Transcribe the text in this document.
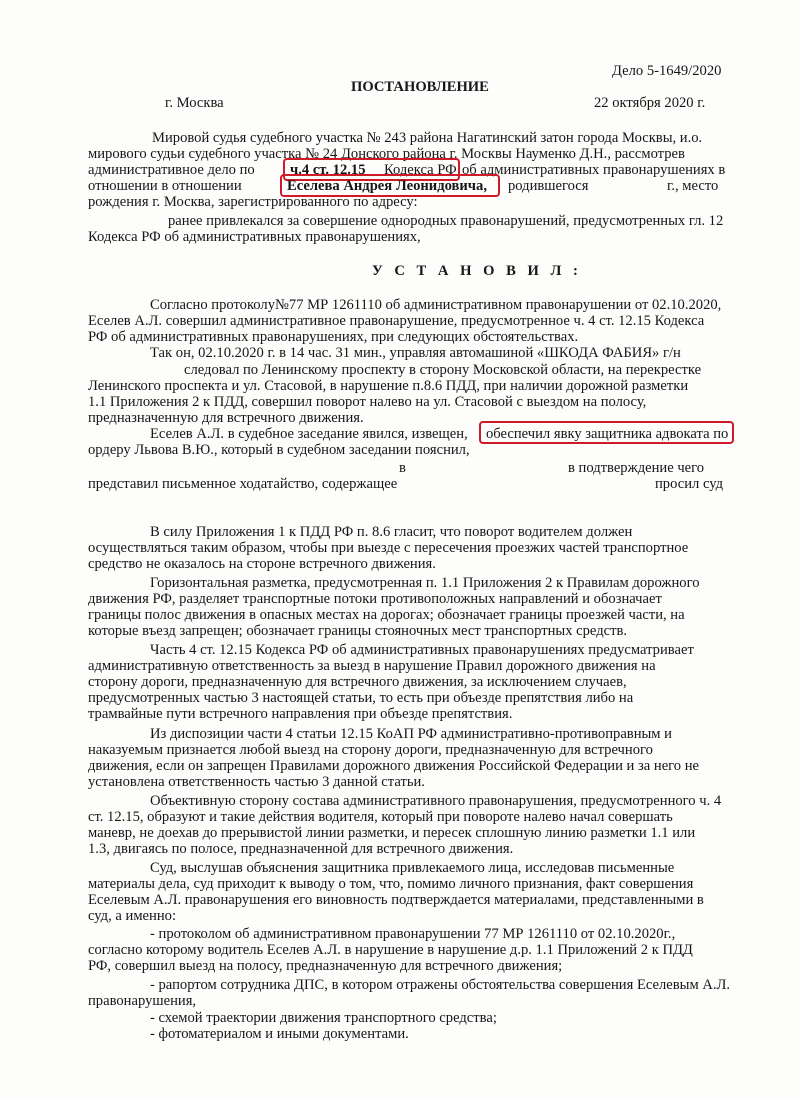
Дело 5-1649/2020
ПОСТАНОВЛЕНИЕ
г. Москва	22 октября 2020 г.
Мировой судья судебного участка № 243 района Нагатинский затон города Москвы, и.о.
мирового судьи судебного участка № 24 Донского района г. Москвы Науменко Д.Н., рассмотрев
административное дело по ч.4 ст. 12.15 Кодекса РФ об административных правонарушениях в
отношении в отношении	Еселева Андрея Леонидовича, родившегося	г., место
рождения г. Москва, зарегистрированного по адресу:
ранее привлекался за совершение однородных правонарушений, предусмотренных гл. 12
Кодекса РФ об административных правонарушениях,
У С Т А Н О В И Л :
Согласно протоколу№77 МР 1261110 об административном правонарушении от 02.10.2020,
Еселев А.Л. совершил административное правонарушение, предусмотренное ч. 4 ст. 12.15 Кодекса
РФ об административных правонарушениях, при следующих обстоятельствах.
Так он, 02.10.2020 г. в 14 час. 31 мин., управляя автомашиной «ШКОДА ФАБИЯ» г/н
следовал по Ленинскому проспекту в сторону Московской области, на перекрестке
Ленинского проспекта и ул. Стасовой, в нарушение п.8.6 ПДД, при наличии дорожной разметки
1.1 Приложения 2 к ПДД, совершил поворот налево на ул. Стасовой с выездом на полосу,
предназначенную для встречного движения.
Еселев А.Л. в судебное заседание явился, извещен, обеспечил явку защитника адвоката по
ордеру Львова В.Ю., который в судебном заседании пояснил,
в	в подтверждение чего
представил письменное ходатайство, содержащее	просил суд
В силу Приложения 1 к ПДД РФ п. 8.6 гласит, что поворот водителем должен
осуществляться таким образом, чтобы при выезде с пересечения проезжих частей транспортное
средство не оказалось на стороне встречного движения.
Горизонтальная разметка, предусмотренная п. 1.1 Приложения 2 к Правилам дорожного
движения РФ, разделяет транспортные потоки противоположных направлений и обозначает
границы полос движения в опасных местах на дорогах; обозначает границы проезжей части, на
которые въезд запрещен; обозначает границы стояночных мест транспортных средств.
Часть 4 ст. 12.15 Кодекса РФ об административных правонарушениях предусматривает
административную ответственность за выезд в нарушение Правил дорожного движения на
сторону дороги, предназначенную для встречного движения, за исключением случаев,
предусмотренных частью 3 настоящей статьи, то есть при объезде препятствия либо на
трамвайные пути встречного направления при объезде препятствия.
Из диспозиции части 4 статьи 12.15 КоАП РФ административно-противоправным и
наказуемым признается любой выезд на сторону дороги, предназначенную для встречного
движения, если он запрещен Правилами дорожного движения Российской Федерации и за него не
установлена ответственность частью 3 данной статьи.
Объективную сторону состава административного правонарушения, предусмотренного ч. 4
ст. 12.15, образуют и такие действия водителя, который при повороте налево начал совершать
маневр, не доехав до прерывистой линии разметки, и пересек сплошную линию разметки 1.1 или
1.3, двигаясь по полосе, предназначенной для встречного движения.
Суд, выслушав объяснения защитника привлекаемого лица, исследовав письменные
материалы дела, суд приходит к выводу о том, что, помимо личного признания, факт совершения
Еселевым А.Л. правонарушения его виновность подтверждается материалами, представленными в
суд, а именно:
- протоколом об административном правонарушении 77 МР 1261110 от 02.10.2020г.,
согласно которому водитель Еселев А.Л. в нарушение в нарушение д.р. 1.1 Приложений 2 к ПДД
РФ, совершил выезд на полосу, предназначенную для встречного движения;
- рапортом сотрудника ДПС, в котором отражены обстоятельства совершения Еселевым А.Л.
правонарушения,
- схемой траектории движения транспортного средства;
- фотоматериалом и иными документами.
